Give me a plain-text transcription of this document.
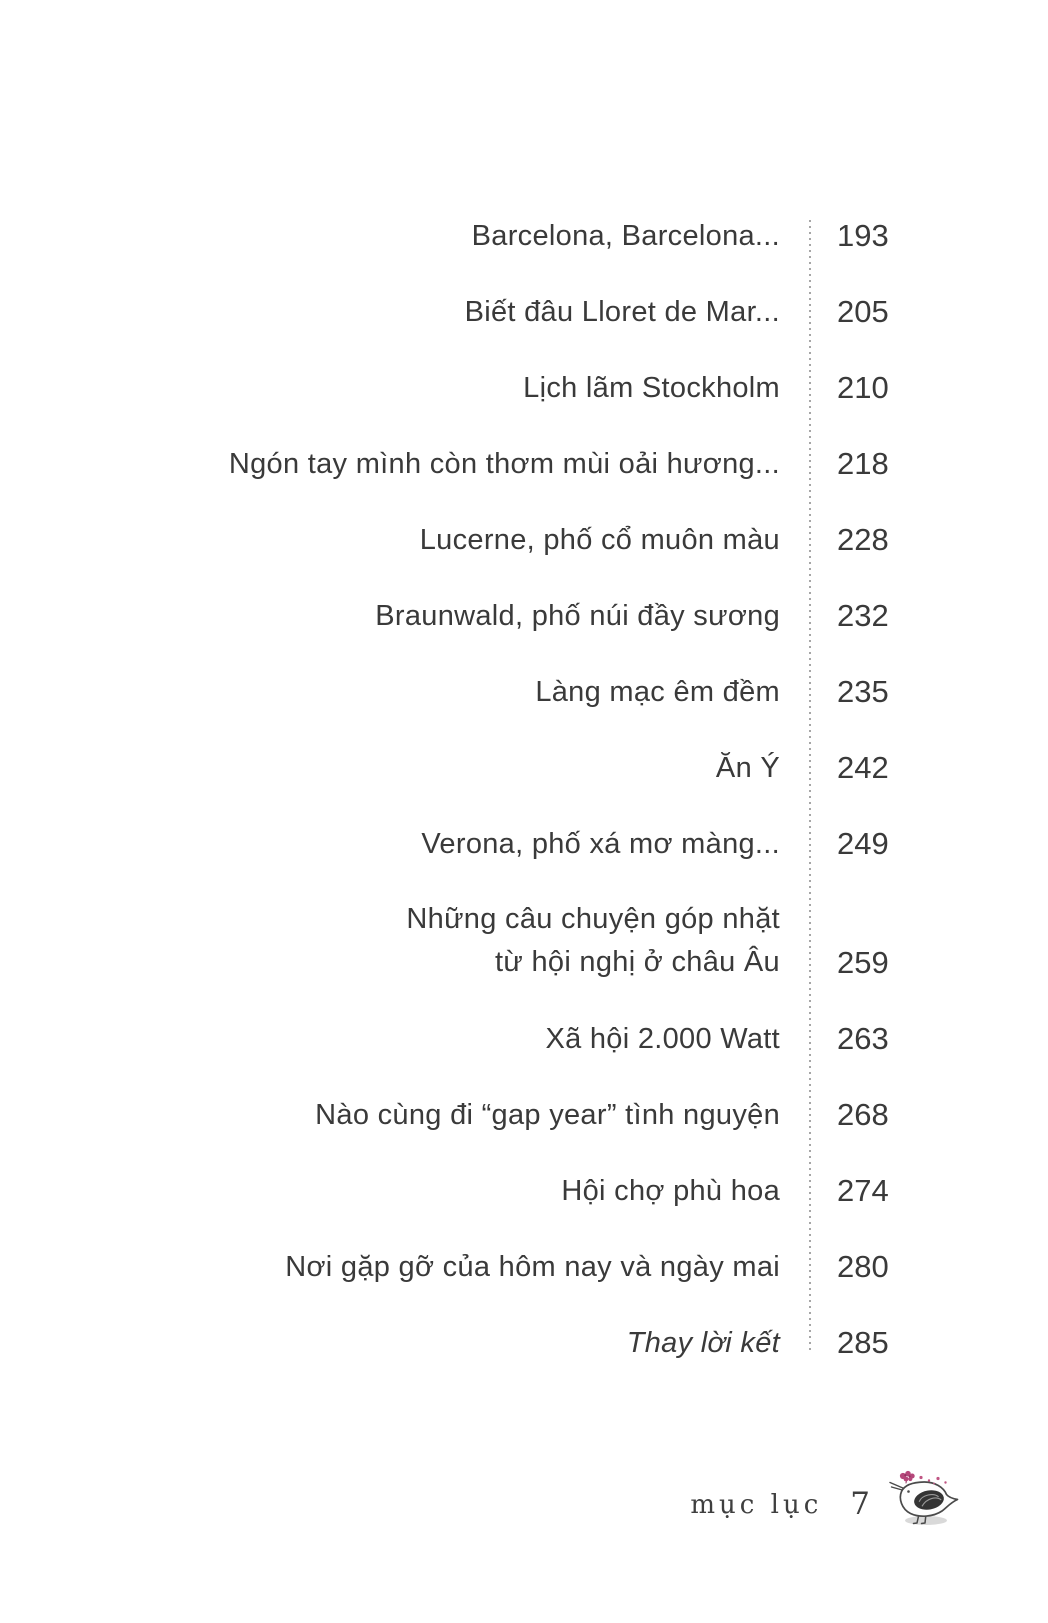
Barcelona, Barcelona...	193
Biết đâu Lloret de Mar...	205
Lịch lãm Stockholm	210
Ngón tay mình còn thơm mùi oải hương...	218
Lucerne, phố cổ muôn màu	228
Braunwald, phố núi đầy sương	232
Làng mạc êm đềm	235
Ăn Ý	242
Verona, phố xá mơ màng...	249
Những câu chuyện góp nhặt
từ hội nghị ở châu Âu	259
Xã hội 2.000 Watt	263
Nào cùng đi “gap year” tình nguyện	268
Hội chợ phù hoa	274
Nơi gặp gỡ của hôm nay và ngày mai	280
Thay lời kết	285
mục lục 7
